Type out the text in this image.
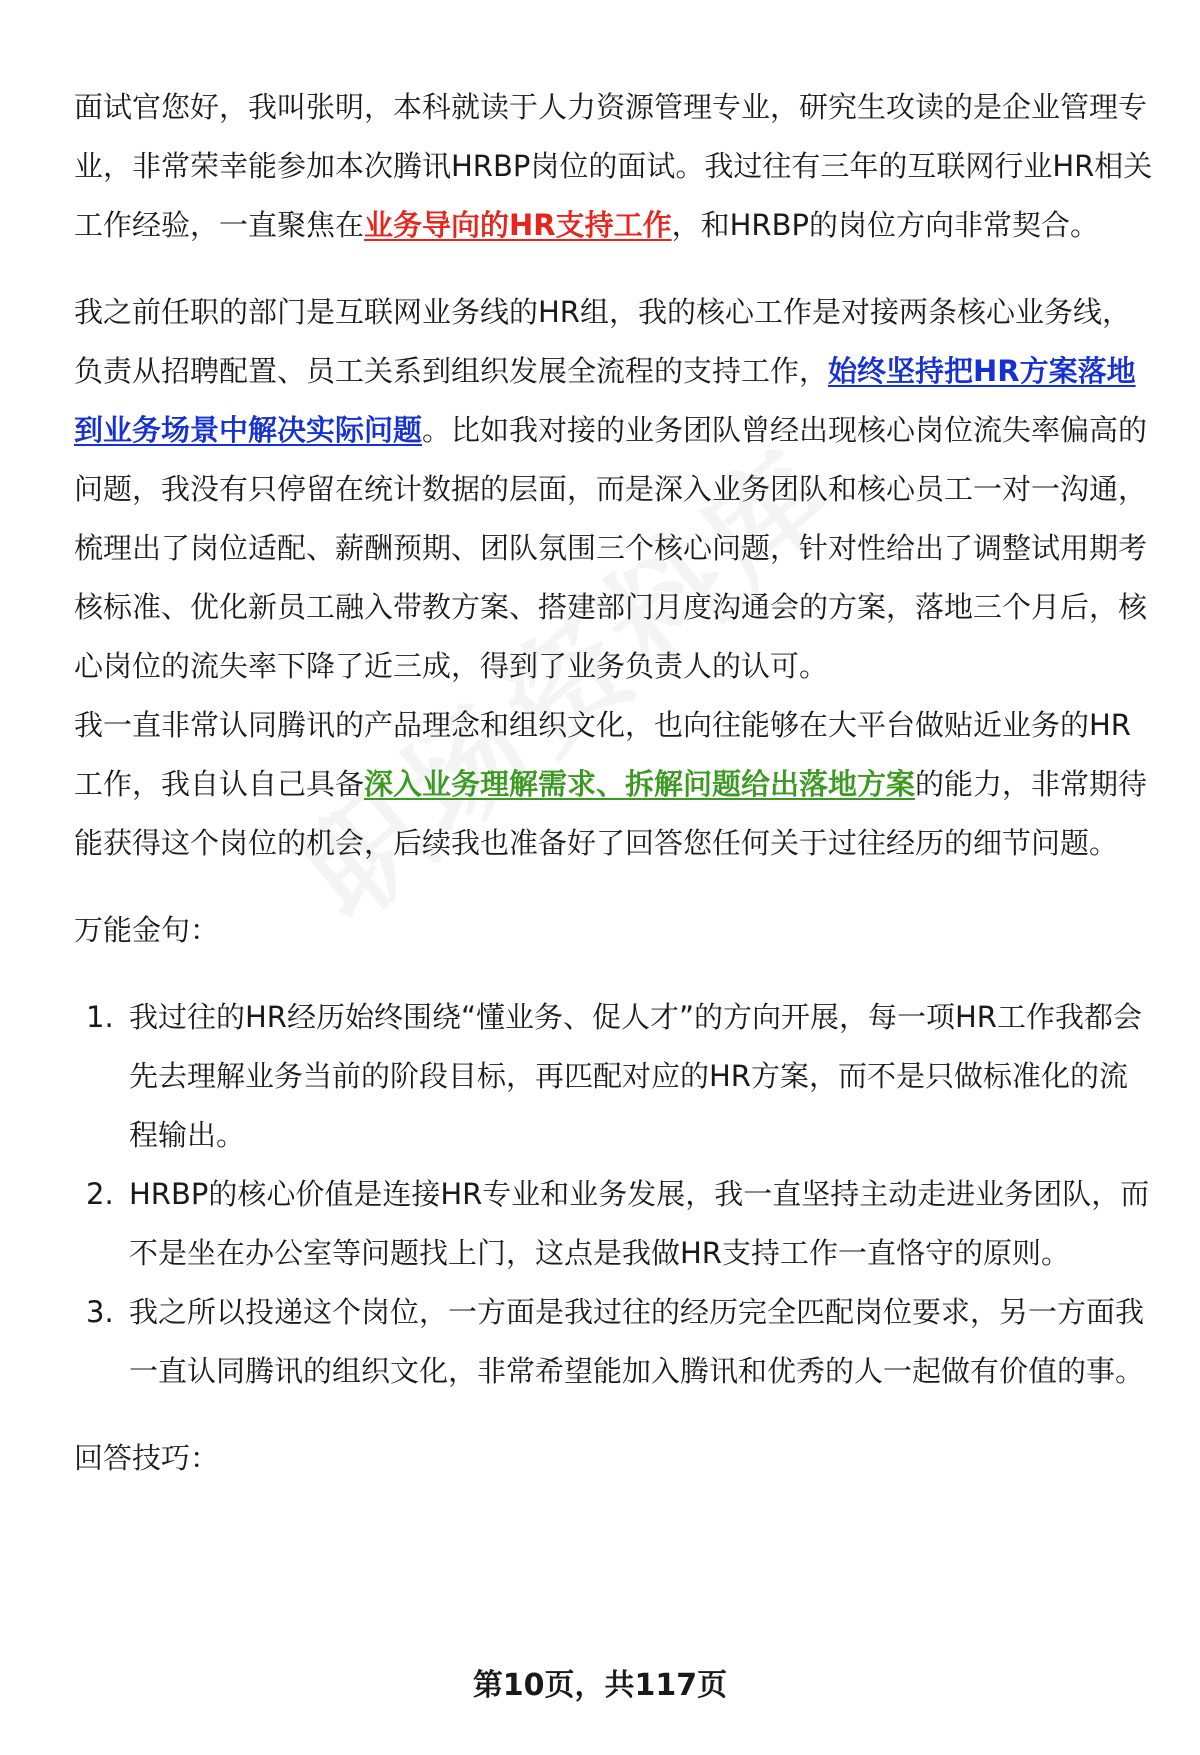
面试官您好，我叫张明，本科就读于人力资源管理专业，研究生攻读的是企业管理专业，非常荣幸能参加本次腾讯HRBP岗位的面试。我过往有三年的互联网行业HR相关工作经验，一直聚焦在业务导向的HR支持工作，和HRBP的岗位方向非常契合。

我之前任职的部门是互联网业务线的HR组，我的核心工作是对接两条核心业务线，负责从招聘配置、员工关系到组织发展全流程的支持工作，始终坚持把HR方案落地到业务场景中解决实际问题。比如我对接的业务团队曾经出现核心岗位流失率偏高的问题，我没有只停留在统计数据的层面，而是深入业务团队和核心员工一对一沟通，梳理出了岗位适配、薪酬预期、团队氛围三个核心问题，针对性给出了调整试用期考核标准、优化新员工融入带教方案、搭建部门月度沟通会的方案，落地三个月后，核心岗位的流失率下降了近三成，得到了业务负责人的认可。

我一直非常认同腾讯的产品理念和组织文化，也向往能够在大平台做贴近业务的HR工作，我自认自己具备深入业务理解需求、拆解问题给出落地方案的能力，非常期待能获得这个岗位的机会，后续我也准备好了回答您任何关于过往经历的细节问题。

万能金句：

1. 我过往的HR经历始终围绕“懂业务、促人才”的方向开展，每一项HR工作我都会先去理解业务当前的阶段目标，再匹配对应的HR方案，而不是只做标准化的流程输出。
2. HRBP的核心价值是连接HR专业和业务发展，我一直坚持主动走进业务团队，而不是坐在办公室等问题找上门，这点是我做HR支持工作一直恪守的原则。
3. 我之所以投递这个岗位，一方面是我过往的经历完全匹配岗位要求，另一方面我一直认同腾讯的组织文化，非常希望能加入腾讯和优秀的人一起做有价值的事。

回答技巧：

第10页，共117页
